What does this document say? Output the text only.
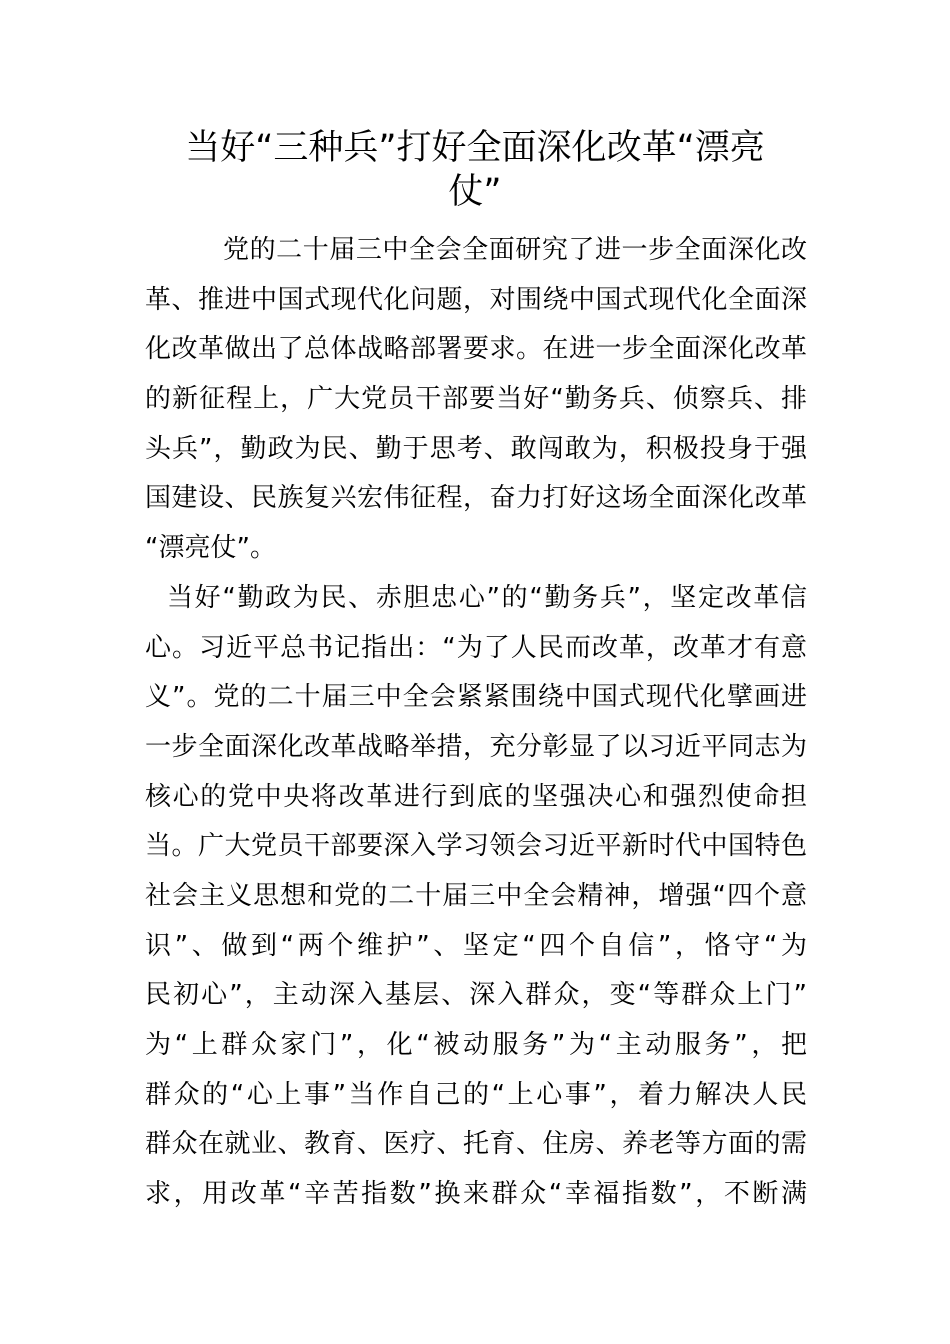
当好“三种兵”打好全面深化改革“漂亮
仗”
党的二十届三中全会全面研究了进一步全面深化改
革、推进中国式现代化问题，对围绕中国式现代化全面深
化改革做出了总体战略部署要求。在进一步全面深化改革
的新征程上，广大党员干部要当好“勤务兵、侦察兵、排
头兵”，勤政为民、勤于思考、敢闯敢为，积极投身于强
国建设、民族复兴宏伟征程，奋力打好这场全面深化改革
“漂亮仗”。
当好“勤政为民、赤胆忠心”的“勤务兵”，坚定改革信
心。习近平总书记指出：“为了人民而改革，改革才有意
义”。党的二十届三中全会紧紧围绕中国式现代化擘画进
一步全面深化改革战略举措，充分彰显了以习近平同志为
核心的党中央将改革进行到底的坚强决心和强烈使命担
当。广大党员干部要深入学习领会习近平新时代中国特色
社会主义思想和党的二十届三中全会精神，增强“四个意
识”、做到“两个维护”、坚定“四个自信”，恪守“为
民初心”，主动深入基层、深入群众，变“等群众上门”
为“上群众家门”，化“被动服务”为“主动服务”，把
群众的“心上事”当作自己的“上心事”，着力解决人民
群众在就业、教育、医疗、托育、住房、养老等方面的需
求，用改革“辛苦指数”换来群众“幸福指数”，不断满
